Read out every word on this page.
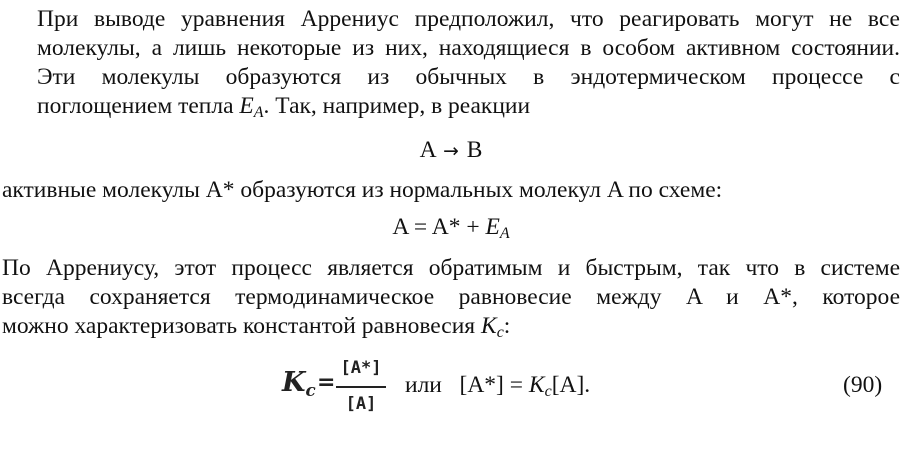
При выводе уравнения Аррениус предположил, что реагировать могут не все
молекулы, а лишь некоторые из них, находящиеся в особом активном состоянии.
Эти молекулы образуются из обычных в эндотермическом процессе с
поглощением тепла $E_A$. Так, например, в реакции
A → B
активные молекулы A* образуются из нормальных молекул A по схеме:
$A = A* + E_A$
По Аррениусу, этот процесс является обратимым и быстрым, так что в системе
всегда сохраняется термодинамическое равновесие между A и A*, которое
можно характеризовать константой равновесия $K_c$:
$K_c$ =
[A*]
[A]
или $[A*] = K_c[A]$.	(90)
